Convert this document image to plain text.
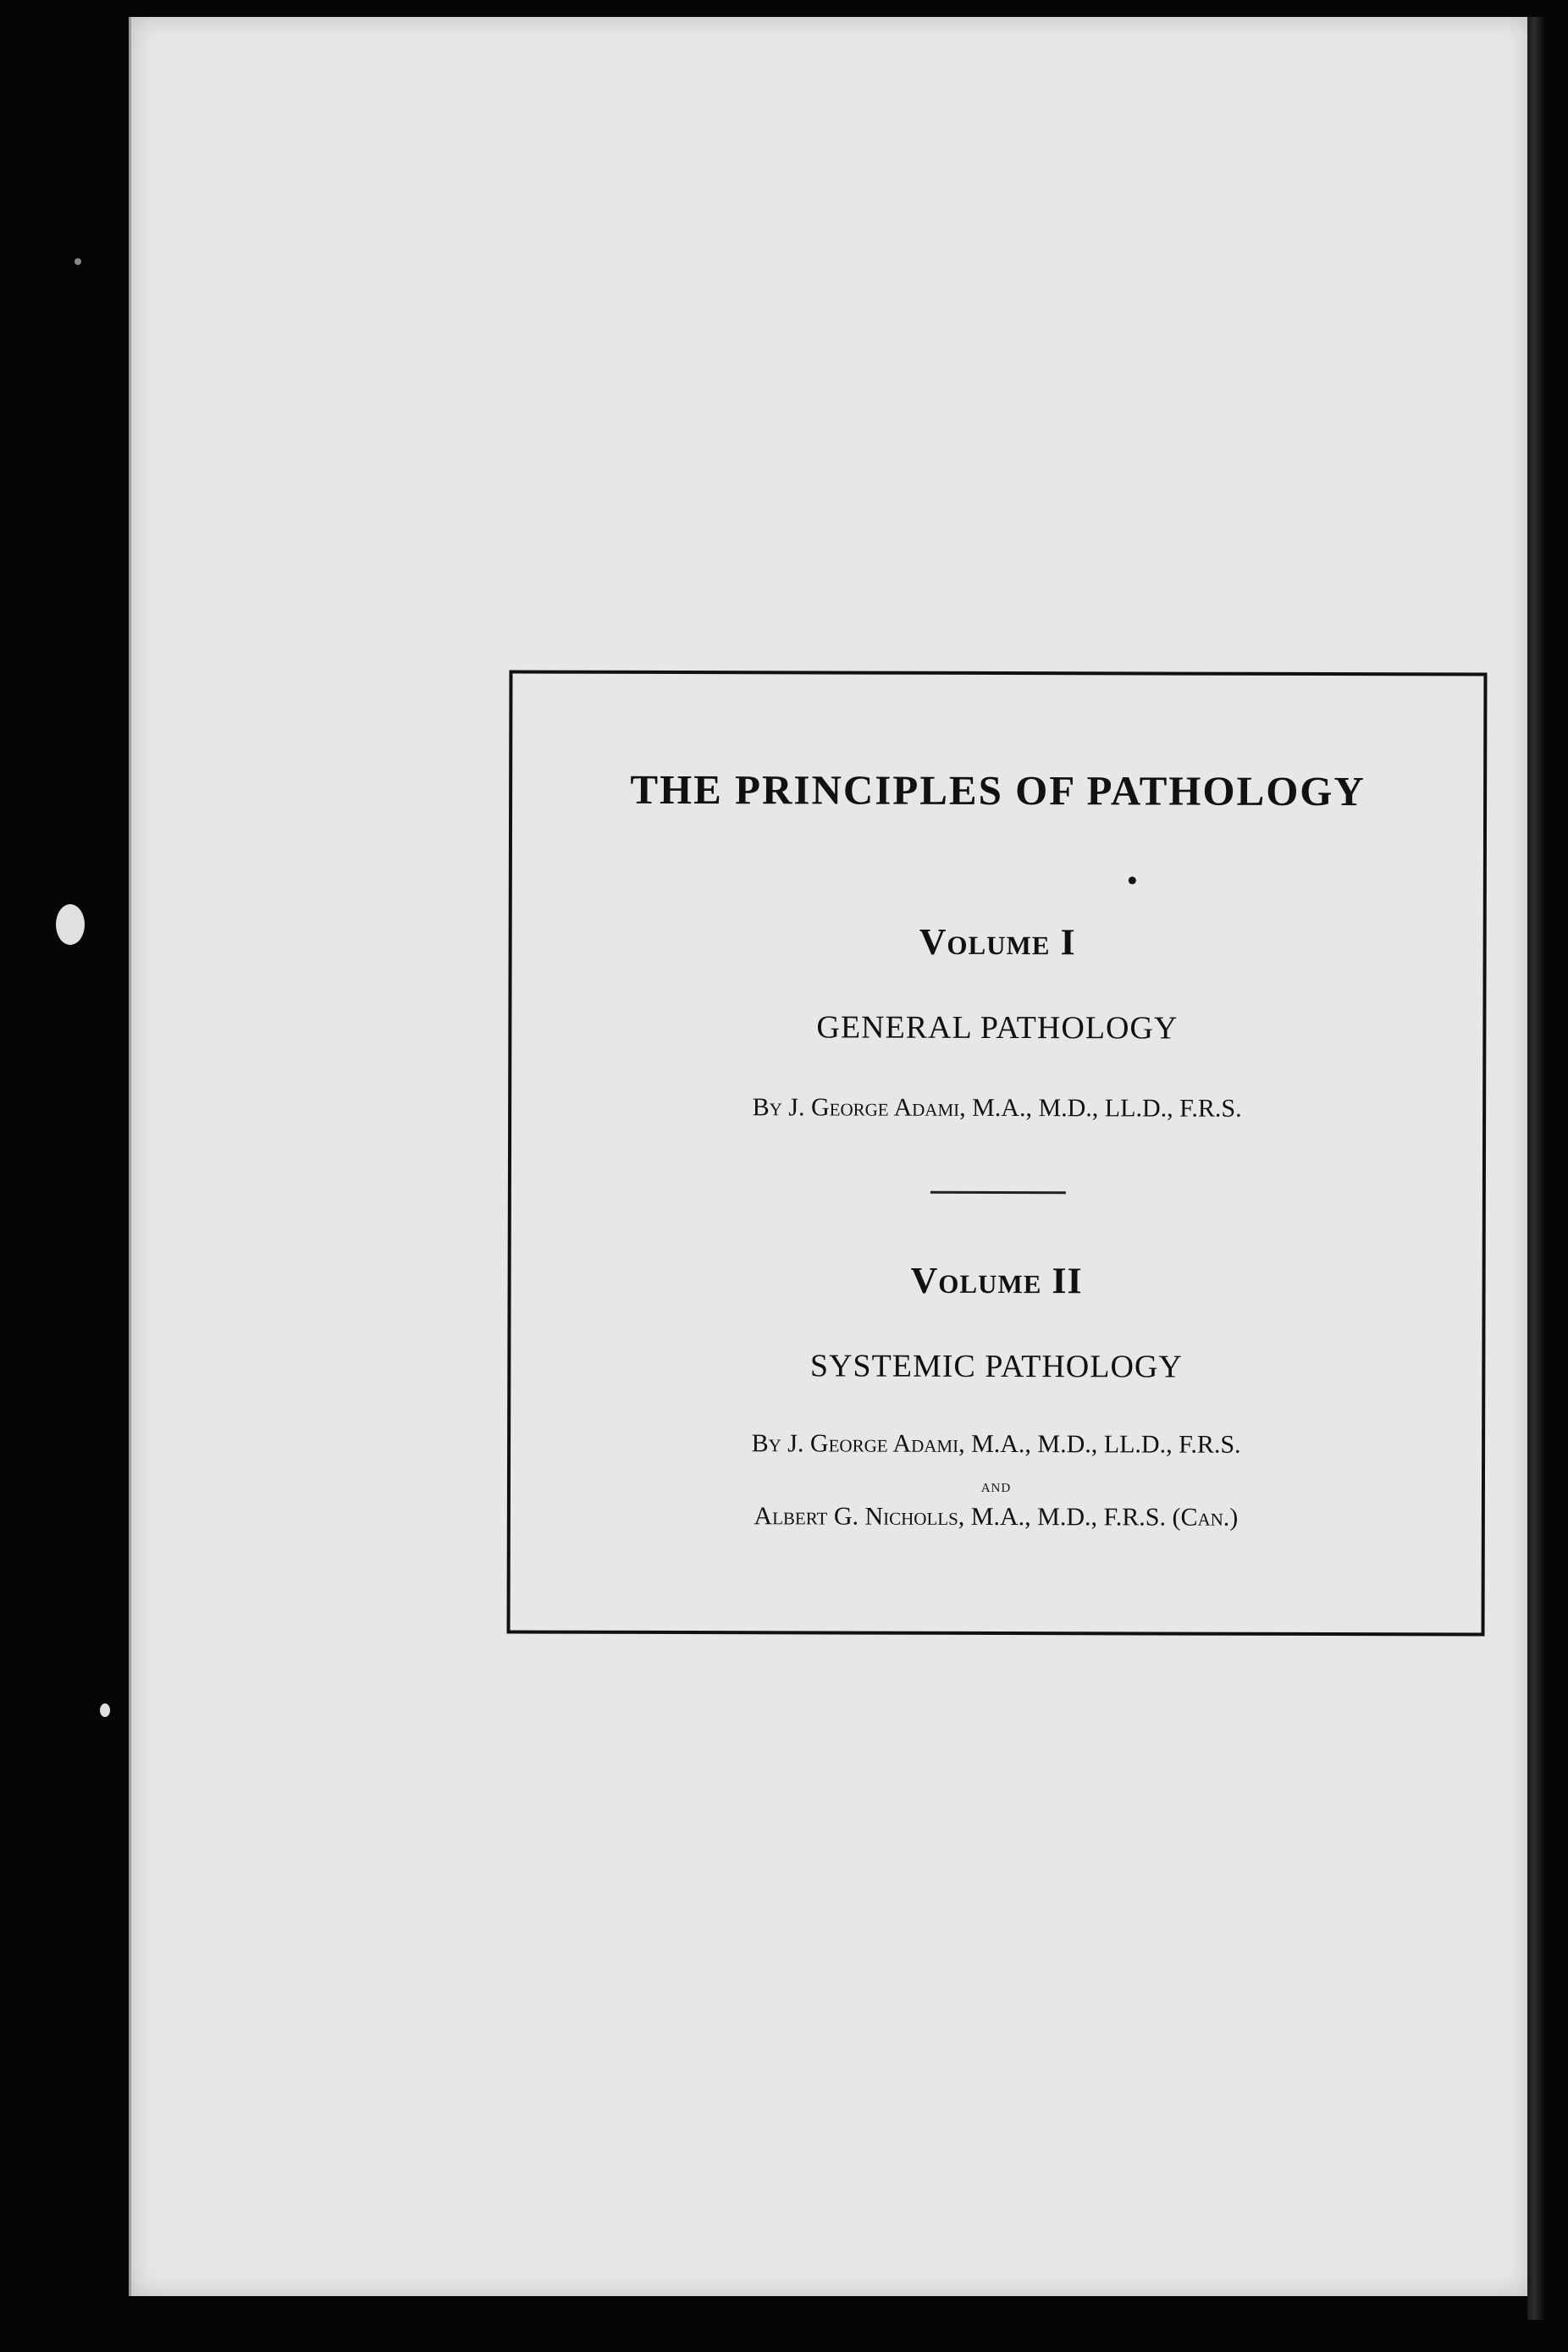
THE PRINCIPLES OF PATHOLOGY
Volume I
GENERAL PATHOLOGY
By J. George Adami, M.A., M.D., LL.D., F.R.S.
Volume II
SYSTEMIC PATHOLOGY
By J. George Adami, M.A., M.D., LL.D., F.R.S.
and
Albert G. Nicholls, M.A., M.D., F.R.S. (Can.)
